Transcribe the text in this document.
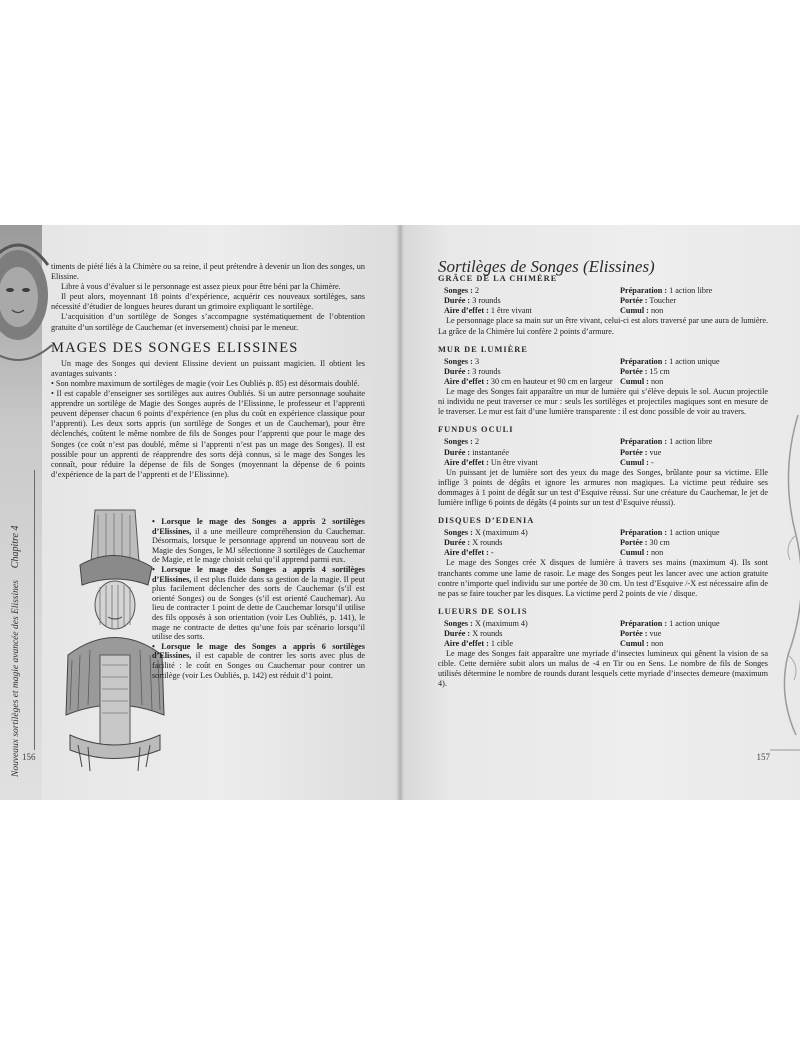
Nouveaux sortilèges et magie avancée des ElissinesChapitre 4
156

timents de piété liés à la Chimère ou sa reine, il peut prétendre à devenir un lion des songes, un Elissine.

Libre à vous d’évaluer si le personnage est assez pieux pour être béni par la Chimère.

Il peut alors, moyennant 18 points d’expérience, acquérir ces nouveaux sortilèges, sans nécessité d’étudier de longues heures durant un grimoire expliquant le sortilège.

L’acquisition d’un sortilège de Songes s’accompagne systématiquement de l’obtention gratuite d’un sortilège de Cauchemar (et inversement) choisi par le meneur.

MAGES DES SONGES ELISSINES

Un mage des Songes qui devient Elissine devient un puissant magicien. Il obtient les avantages suivants :

• Son nombre maximum de sortilèges de magie (voir Les Oubliés p. 85) est désormais doublé.

• Il est capable d’enseigner ses sortilèges aux autres Oubliés. Si un autre personnage souhaite apprendre un sortilège de Magie des Songes auprès de l’Elissinne, le professeur et l’apprenti peuvent dépenser chacun 6 points d’expérience (en plus du coût en expérience classique pour l’apprenti). Les deux sorts appris (un sortilège de Songes et un de Cauchemar), pour être déclenchés, coûtent le même nombre de fils de Songes pour l’apprenti que pour le mage des Songes (ce coût n’est pas doublé, même si l’apprenti n’est pas un mage des Songes). Il est possible pour un apprenti de réapprendre des sorts déjà connus, si le mage des Songes les connaît, pour réduire la dépense de fils de Songes (moyennant la dépense de 6 points d’expérience de la part de l’apprenti et de l’Elissinne).

• Lorsque le mage des Songes a appris 2 sortilèges d’Elissines, il a une meilleure compréhension du Cauchemar. Désormais, lorsque le personnage apprend un nouveau sort de Magie des Songes, le MJ sélectionne 3 sortilèges de Cauchemar de Magie, et le mage choisit celui qu’il apprend parmi eux.

• Lorsque le mage des Songes a appris 4 sortilèges d’Elissines, il est plus fluide dans sa gestion de la magie. Il peut plus facilement déclencher des sorts de Cauchemar (s’il est orienté Songes) ou de Songes (s’il est orienté Cauchemar). Au lieu de contracter 1 point de dette de Cauchemar lorsqu’il utilise des fils opposés à son orientation (voir Les Oubliés, p. 141), le mage ne contracte de dettes qu’une fois par scénario lorsqu’il utilise des sorts.

• Lorsque le mage des Songes a appris 6 sortilèges d’Elissines, il est capable de contrer les sorts avec plus de facilité : le coût en Songes ou Cauchemar pour contrer un sortilège (voir Les Oubliés, p. 142) est réduit d’1 point.

157
Sortilèges de Songes (Elissines)
GRÂCE DE LA CHIMÈRE
Songes : 2	Préparation : 1 action libre
Durée : 3 rounds	Portée : Toucher
Aire d’effet : 1 être vivant	Cumul : non

Le personnage place sa main sur un être vivant, celui-ci est alors traversé par une aura de lumière. La grâce de la Chimère lui confère 2 points d’armure.

MUR DE LUMIÈRE
Songes : 3	Préparation : 1 action unique
Durée : 3 rounds	Portée : 15 cm
Aire d’effet : 30 cm en hauteur et 90 cm en largeur Cumul : non

Le mage des Songes fait apparaître un mur de lumière qui s’élève depuis le sol. Aucun projectile ni individu ne peut traverser ce mur : seuls les sortilèges et projectiles magiques sont en mesure de le traverser. Le mur est fait d’une lumière transparente : il est donc possible de voir au travers.

FUNDUS OCULI
Songes : 2	Préparation : 1 action libre
Durée : instantanée	Portée : vue
Aire d’effet : Un être vivant	Cumul : -

Un puissant jet de lumière sort des yeux du mage des Songes, brûlante pour sa victime. Elle inflige 3 points de dégâts et ignore les armures non magiques. La victime peut réduire ses dommages à 1 point de dégât sur un test d’Esquive réussi. Sur une créature du Cauchemar, le jet de lumière inflige 6 points de dégâts (4 points sur un test d’Esquive réussi).

DISQUES D’EDENIA
Songes : X (maximum 4)	Préparation : 1 action unique
Durée : X rounds	Portée : 30 cm
Aire d’effet : -	Cumul : non

Le mage des Songes crée X disques de lumière à travers ses mains (maximum 4). Ils sont tranchants comme une lame de rasoir. Le mage des Songes peut les lancer avec une action gratuite contre n’importe quel individu sur une portée de 30 cm. Un test d’Esquive /-X est nécessaire afin de ne pas se faire toucher par les disques. La victime perd 2 points de vie / disque.

LUEURS DE SOLIS
Songes : X (maximum 4)	Préparation : 1 action unique
Durée : X rounds	Portée : vue
Aire d’effet : 1 cible	Cumul : non

Le mage des Songes fait apparaître une myriade d’insectes lumineux qui gênent la vision de sa cible. Cette dernière subit alors un malus de -4 en Tir ou en Sens. Le nombre de fils de Songes utilisés détermine le nombre de rounds durant lesquels cette myriade d’insectes demeure (maximum 4).
